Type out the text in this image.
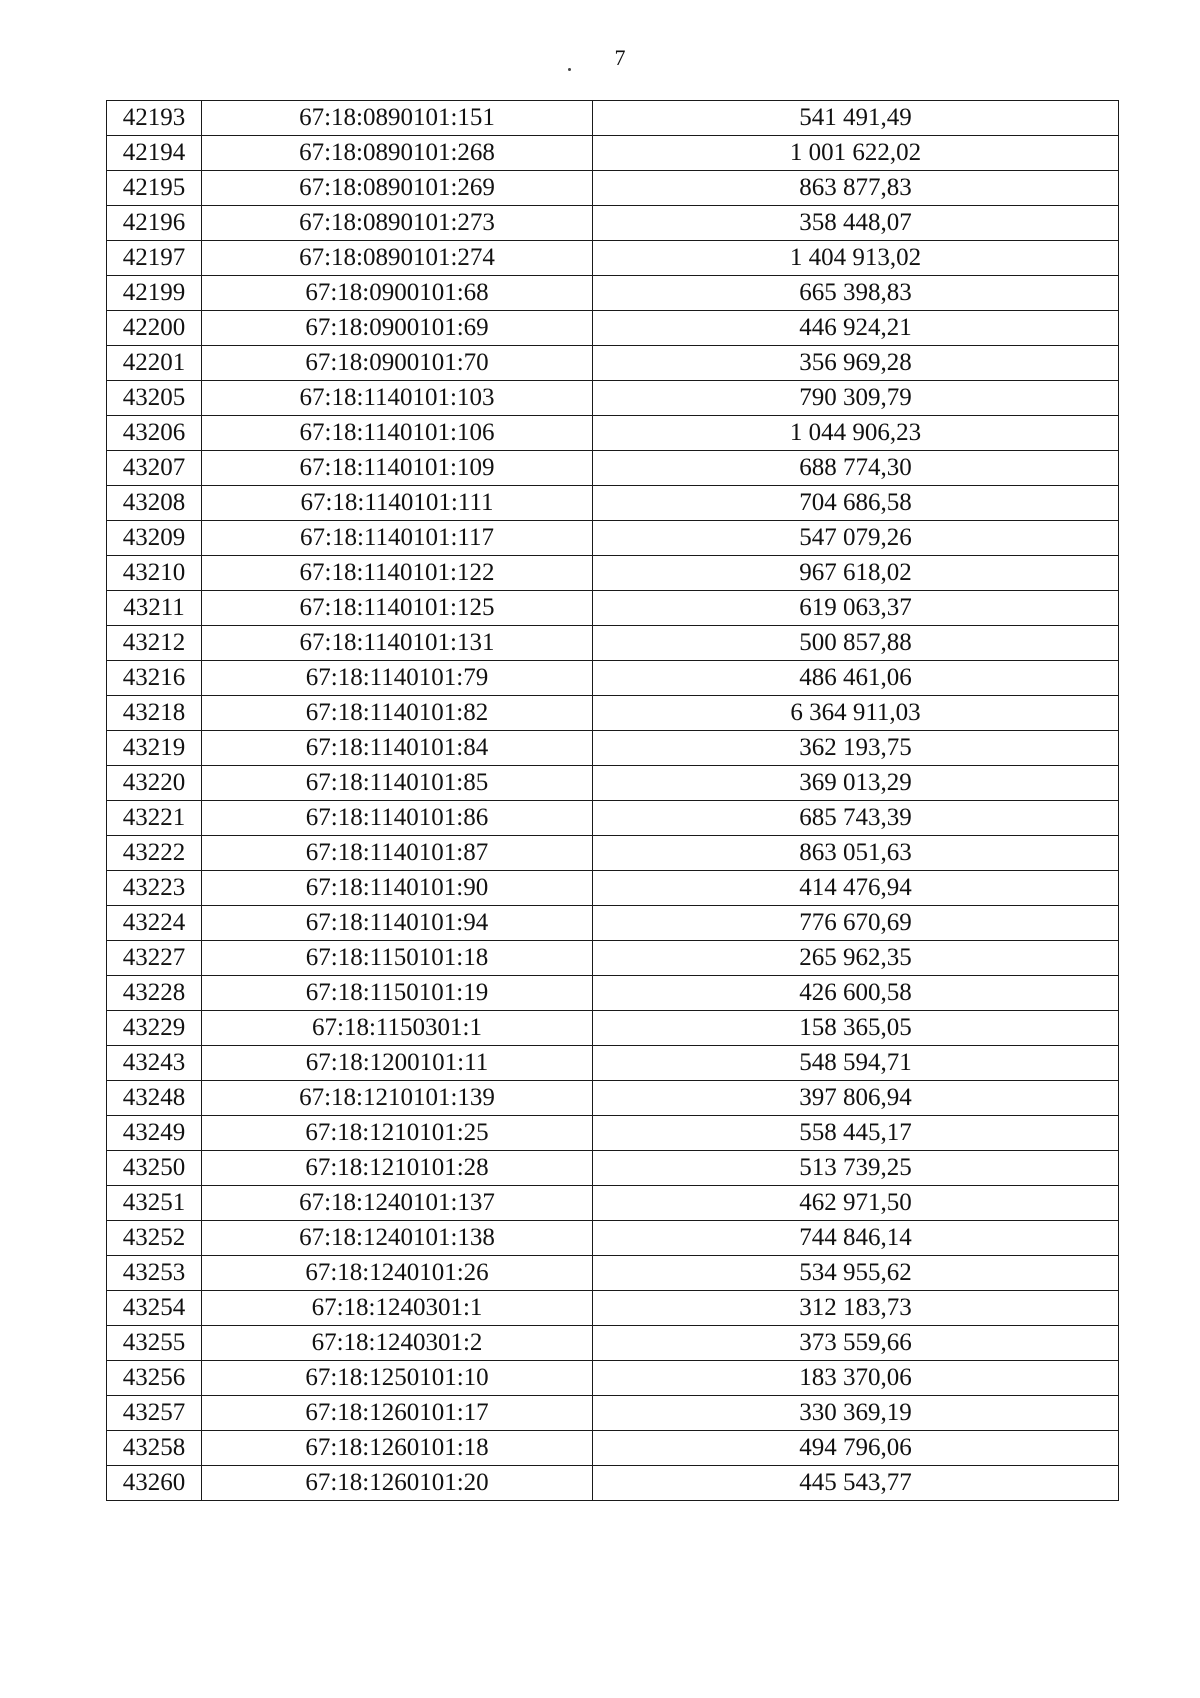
7
42193	67:18:0890101:151	541 491,49
42194	67:18:0890101:268	1 001 622,02
42195	67:18:0890101:269	863 877,83
42196	67:18:0890101:273	358 448,07
42197	67:18:0890101:274	1 404 913,02
42199	67:18:0900101:68	665 398,83
42200	67:18:0900101:69	446 924,21
42201	67:18:0900101:70	356 969,28
43205	67:18:1140101:103	790 309,79
43206	67:18:1140101:106	1 044 906,23
43207	67:18:1140101:109	688 774,30
43208	67:18:1140101:111	704 686,58
43209	67:18:1140101:117	547 079,26
43210	67:18:1140101:122	967 618,02
43211	67:18:1140101:125	619 063,37
43212	67:18:1140101:131	500 857,88
43216	67:18:1140101:79	486 461,06
43218	67:18:1140101:82	6 364 911,03
43219	67:18:1140101:84	362 193,75
43220	67:18:1140101:85	369 013,29
43221	67:18:1140101:86	685 743,39
43222	67:18:1140101:87	863 051,63
43223	67:18:1140101:90	414 476,94
43224	67:18:1140101:94	776 670,69
43227	67:18:1150101:18	265 962,35
43228	67:18:1150101:19	426 600,58
43229	67:18:1150301:1	158 365,05
43243	67:18:1200101:11	548 594,71
43248	67:18:1210101:139	397 806,94
43249	67:18:1210101:25	558 445,17
43250	67:18:1210101:28	513 739,25
43251	67:18:1240101:137	462 971,50
43252	67:18:1240101:138	744 846,14
43253	67:18:1240101:26	534 955,62
43254	67:18:1240301:1	312 183,73
43255	67:18:1240301:2	373 559,66
43256	67:18:1250101:10	183 370,06
43257	67:18:1260101:17	330 369,19
43258	67:18:1260101:18	494 796,06
43260	67:18:1260101:20	445 543,77
